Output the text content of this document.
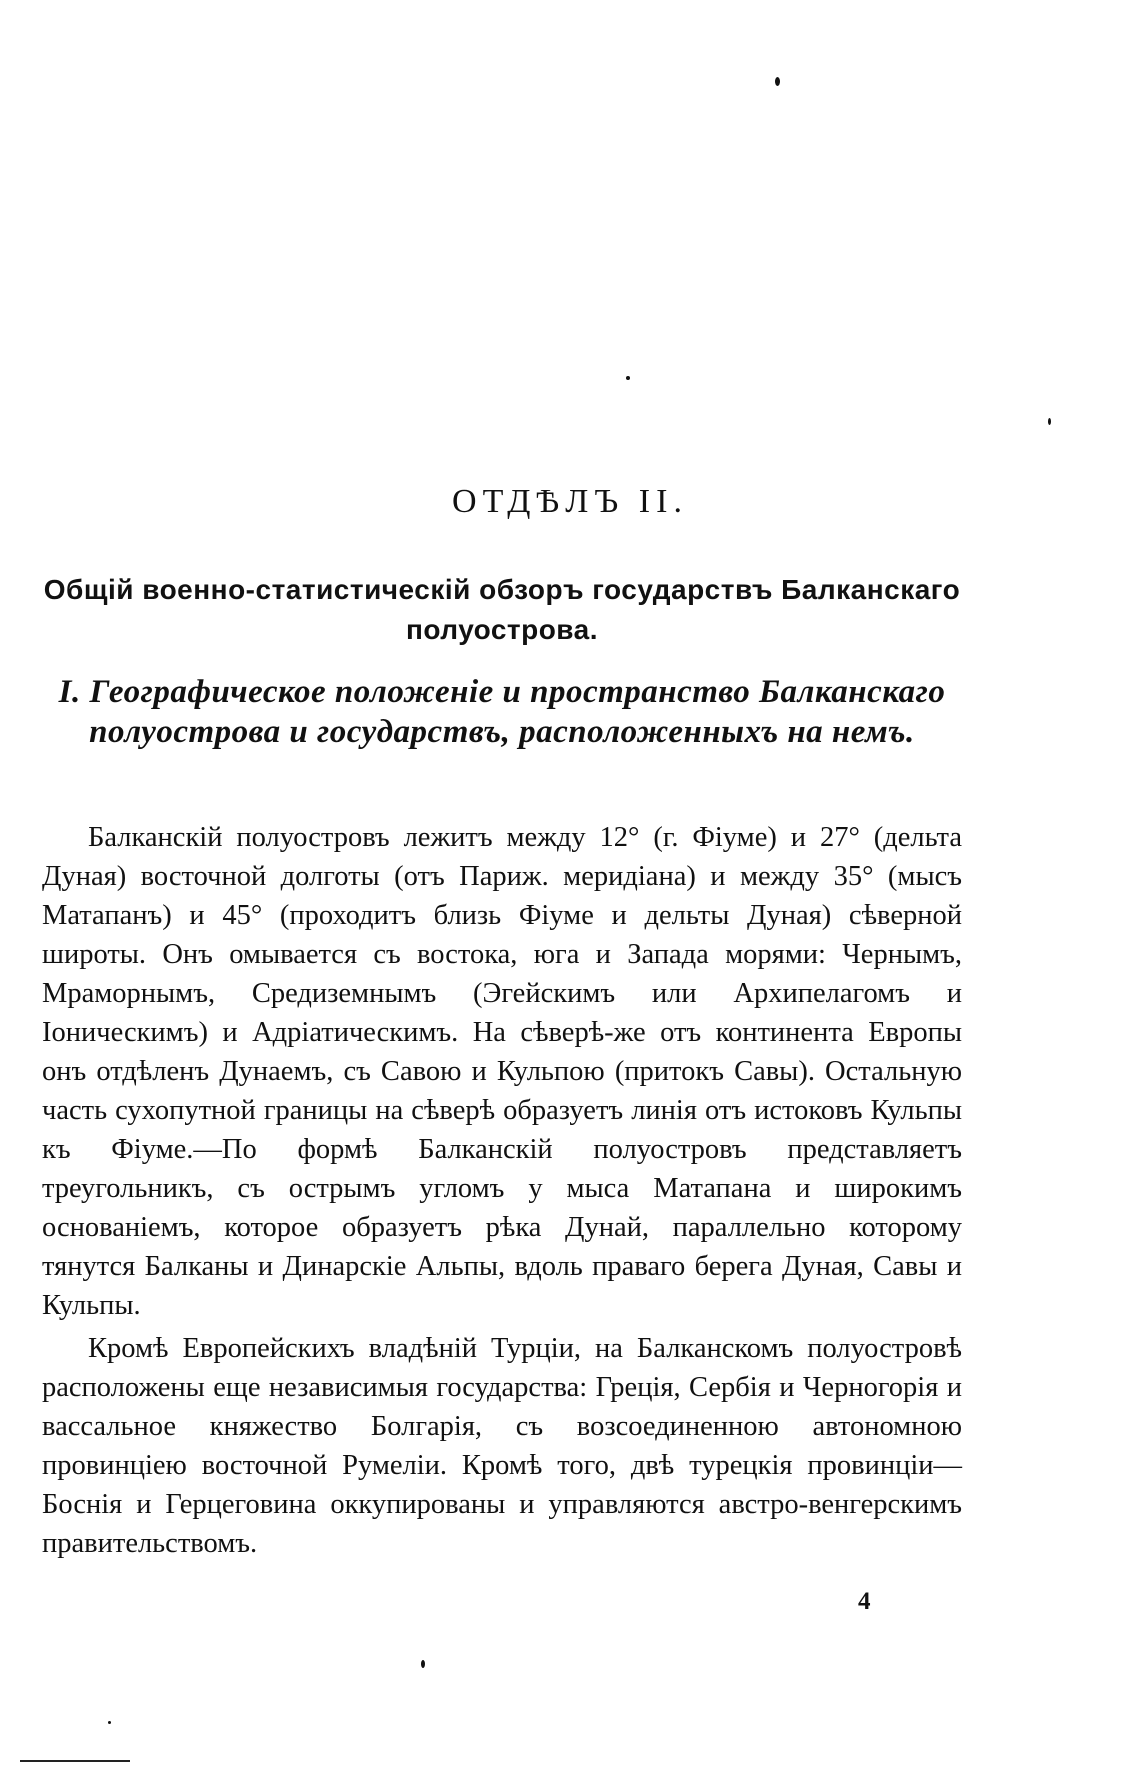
ОТДѢЛЪ II.
Общій военно-статистическій обзоръ государствъ Балканскаго полуострова.
I. Географическое положеніе и пространство Балканскаго полуострова и государствъ, расположенныхъ на немъ.

Балканскій полуостровъ лежитъ между 12° (г. Фіуме) и 27° (дельта Дуная) восточной долготы (отъ Париж. меридіана) и между 35° (мысъ Матапанъ) и 45° (проходитъ близь Фіуме и дельты Дуная) сѣверной широты. Онъ омывается съ востока, юга и Запада морями: Чернымъ, Мраморнымъ, Средиземнымъ (Эгейскимъ или Архипелагомъ и Іоническимъ) и Адріатическимъ. На сѣверѣ-же отъ континента Европы онъ отдѣленъ Дунаемъ, съ Савою и Кульпою (притокъ Савы). Остальную часть сухопутной границы на сѣверѣ образуетъ линія отъ истоковъ Кульпы къ Фіуме.—По формѣ Балканскій полуостровъ представляетъ треугольникъ, съ острымъ угломъ у мыса Матапана и широкимъ основаніемъ, которое образуетъ рѣка Дунай, параллельно которому тянутся Балканы и Динарскіе Альпы, вдоль праваго берега Дуная, Савы и Кульпы.

Кромѣ Европейскихъ владѣній Турціи, на Балканскомъ полуостровѣ расположены еще независимыя государства: Греція, Сербія и Черногорія и вассальное княжество Болгарія, съ возсоединенною автономною провинціею восточной Румеліи. Кромѣ того, двѣ турецкія провинціи—Боснія и Герцеговина оккупированы и управляются австро-венгерскимъ правительствомъ.

4
